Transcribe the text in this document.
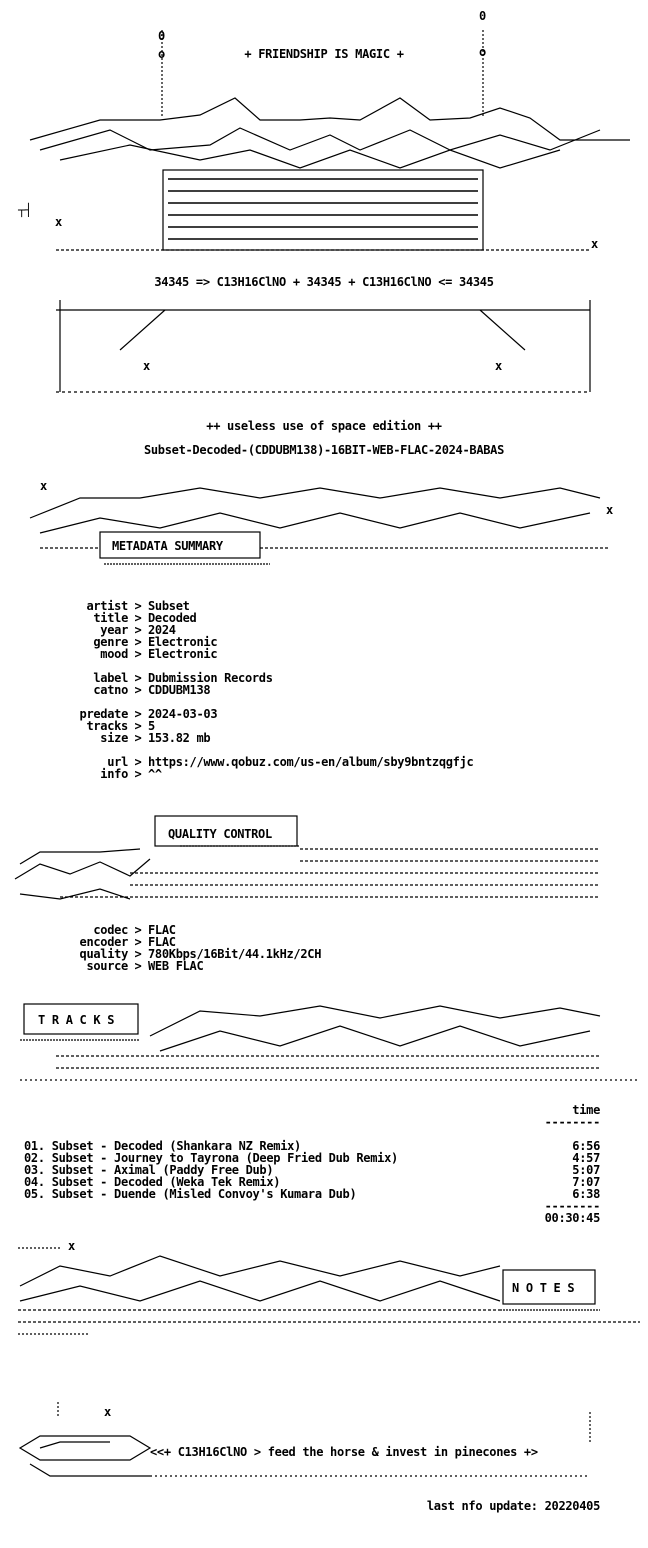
0
o
0
o
┬┤
x
x
x	x
+ FRIENDSHIP IS MAGIC +
34345 => C13H16ClNO + 34345 + C13H16ClNO <= 34345
++ useless use of space edition ++
Subset-Decoded-(CDDUBM138)-16BIT-WEB-FLAC-2024-BABAS
x
x
METADATA SUMMARY
artist > Subset
title > Decoded
year > 2024
genre > Electronic
mood > Electronic
label > Dubmission Records
catno > CDDUBM138
predate > 2024-03-03
tracks > 5
size > 153.82 mb
url > https://www.qobuz.com/us-en/album/sby9bntzqgfjc
info > ^^
QUALITY CONTROL
codec > FLAC
encoder > FLAC
quality > 780Kbps/16Bit/44.1kHz/2CH
source > WEB FLAC
T R A C K S
time
--------
01. Subset - Decoded (Shankara NZ Remix)	6:56
02. Subset - Journey to Tayrona (Deep Fried Dub Remix)	4:57
03. Subset - Aximal (Paddy Free Dub)	5:07
04. Subset - Decoded (Weka Tek Remix)	7:07
05. Subset - Duende (Misled Convoy's Kumara Dub)	6:38
--------
00:30:45
x
N O T E S
x
<<+ C13H16ClNO > feed the horse & invest in pinecones +>

last nfo update: 20220405
